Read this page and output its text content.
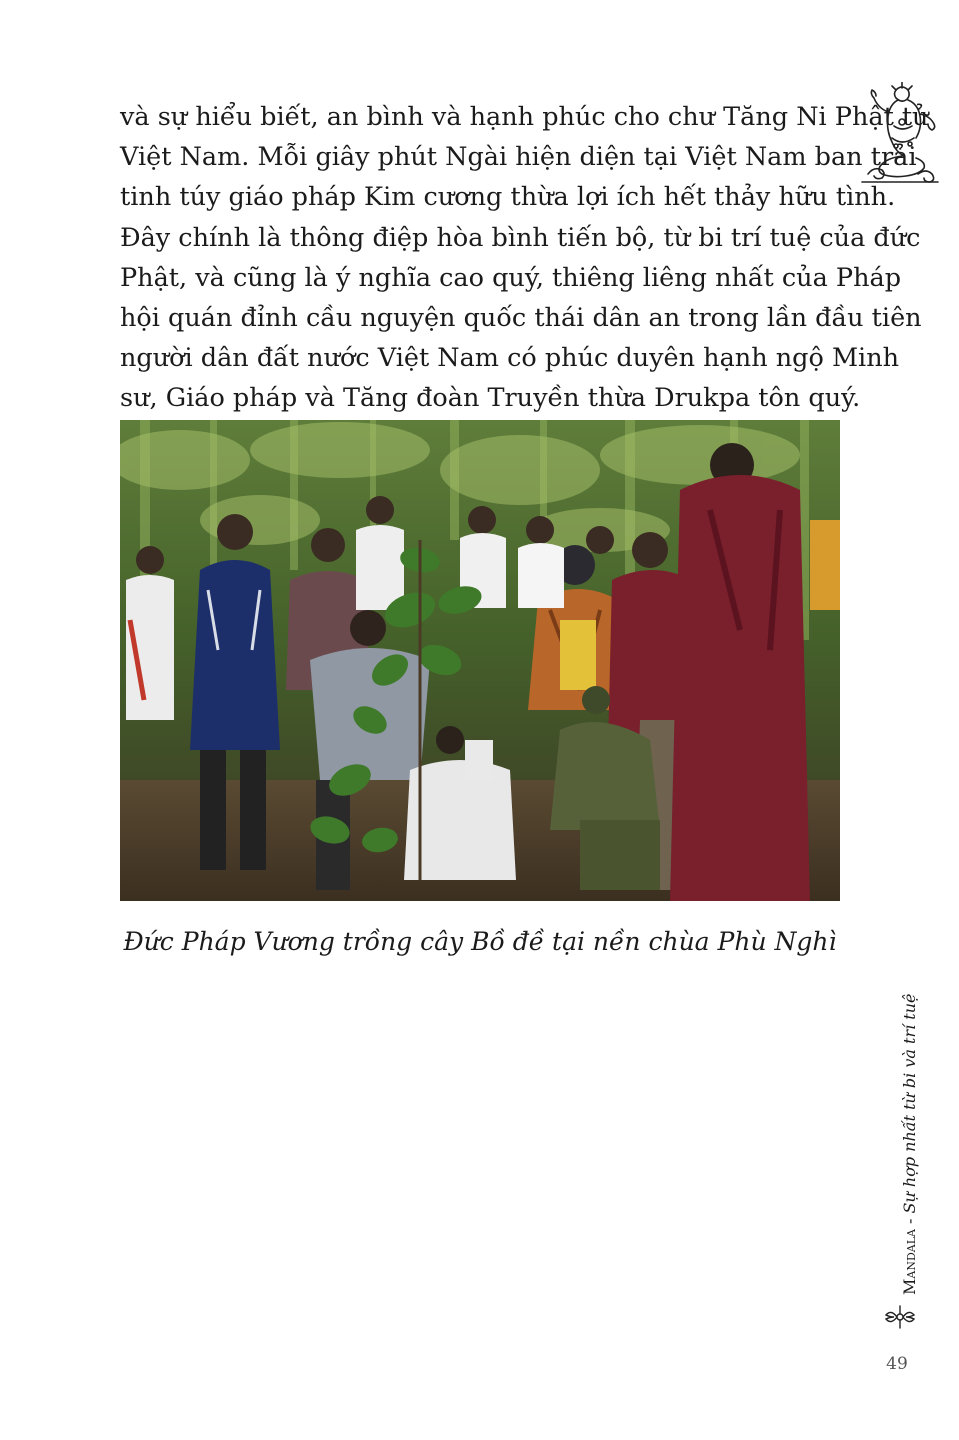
và sự hiểu biết, an bình và hạnh phúc cho chư Tăng Ni Phật tử
Việt Nam. Mỗi giây phút Ngài hiện diện tại Việt Nam ban trải
tinh túy giáo pháp Kim cương thừa lợi ích hết thảy hữu tình.
Đây chính là thông điệp hòa bình tiến bộ, từ bi trí tuệ của đức
Phật, và cũng là ý nghĩa cao quý, thiêng liêng nhất của Pháp
hội quán đỉnh cầu nguyện quốc thái dân an trong lần đầu tiên
người dân đất nước Việt Nam có phúc duyên hạnh ngộ Minh
sư, Giáo pháp và Tăng đoàn Truyền thừa Drukpa tôn quý.
Đức Pháp Vương trồng cây Bồ đề tại nền chùa Phù Nghì
Mandala - Sự hợp nhất từ bi và trí tuệ
49
